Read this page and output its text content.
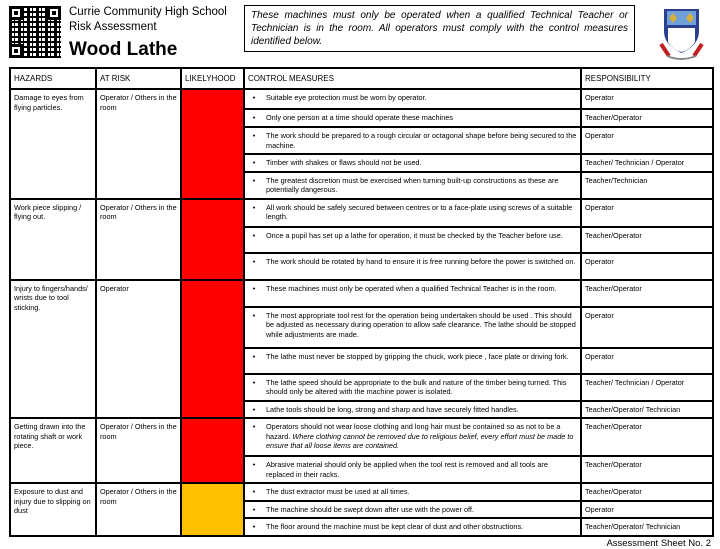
Currie Community High School
Risk Assessment
Wood Lathe
These machines must only be operated when a qualified Technical Teacher or Technician is in the room. All operators must comply with the control measures identified below.
HAZARDS	AT RISK	LIKELYHOOD	CONTROL MEASURES		RESPONSIBILITY
Damage to eyes from flying particles.	Operator / Others in the room		•	Suitable eye protection must be worn by operator.	Operator
			•	Only one person at a time should operate these machines	Teacher/Operator
			•	The work should be prepared to a rough circular or octagonal shape before being secured to the machine.	Operator
			•	Timber with shakes or flaws should not be used.	Teacher/ Technician / Operator
			•	The greatest discretion must be exercised when turning built-up constructions as these are potentially dangerous.	Teacher/Technician
Work piece slipping / flying out.	Operator / Others in the room		•	All work should be safely secured between centres or to a face-plate using screws of a suitable length.	Operator
			•	Once a pupil has set up a lathe for operation, it must be checked by the Teacher before use.	Teacher/Operator
			•	The work should be rotated by hand to ensure it is free running before the power is switched on.	Operator
Injury to fingers/hands/ wrists due to tool sticking.	Operator		•	These machines must only be operated when a qualified Technical Teacher is in the room.	Teacher/Operator
			•	The most appropriate tool rest for the operation being undertaken should be used . This should be adjusted as necessary during operation to allow safe clearance. The lathe should be stopped while adjustments are made.	Operator
			•	The lathe must never be stopped by gripping the chuck, work piece , face plate or driving fork.	Operator
			•	The lathe speed should be appropriate to the bulk and nature of the timber being turned. This should only be altered with the machine power is isolated.	Teacher/ Technician / Operator
			•	Lathe tools should be long, strong and sharp and have securely fitted handles.	Teacher/Operator/ Technician
Getting drawn into the rotating shaft or work piece.	Operator / Others in the room		•	Operators should not wear loose clothing and long hair must be contained so as not to be a hazard. Where clothing cannot be removed due to religious belief, every effort must be made to ensure that all loose items are contained.	Teacher/Operator
			•	Abrasive material should only be applied when the tool rest is removed and all tools are replaced in their racks.	Teacher/Operator
Exposure to dust and injury due to slipping on dust	Operator / Others in the room		•	The dust extractor must be used at all times.	Teacher/Operator
			•	The machine should be swept down after use with the power off.	Operator
			•	The floor around the machine must be kept clear of dust and other obstructions.	Teacher/Operator/ Technician
Assessment Sheet No. 2
